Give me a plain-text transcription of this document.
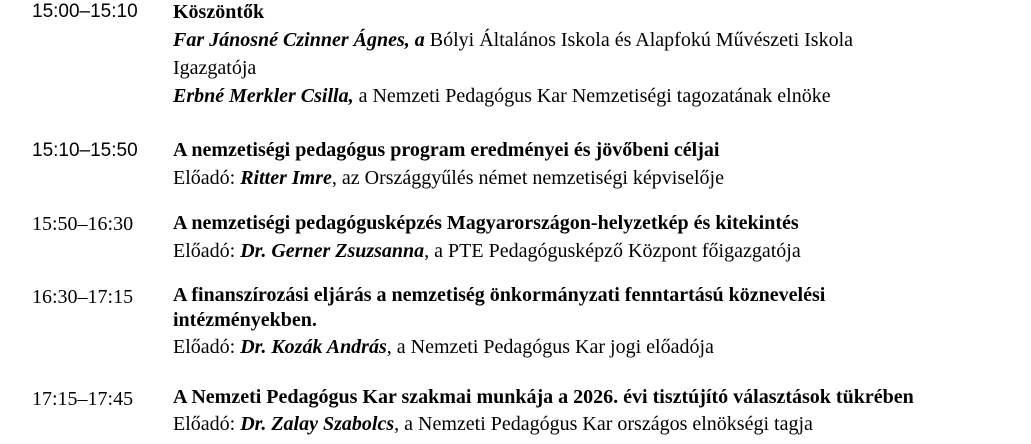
15:00–15:10 Köszöntők
Far Jánosné Czinner Ágnes, a Bólyi Általános Iskola és Alapfokú Művészeti Iskola Igazgatója
Erbné Merkler Csilla, a Nemzeti Pedagógus Kar Nemzetiségi tagozatának elnöke
15:10–15:50 A nemzetiségi pedagógus program eredményei és jövőbeni céljai
Előadó: Ritter Imre, az Országgyűlés német nemzetiségi képviselője
15:50–16:30 A nemzetiségi pedagógusképzés Magyarországon-helyzetkép és kitekintés
Előadó: Dr. Gerner Zsuzsanna, a PTE Pedagógusképző Központ főigazgatója
16:30–17:15 A finanszírozási eljárás a nemzetiség önkormányzati fenntartású köznevelési intézményekben.
Előadó: Dr. Kozák András, a Nemzeti Pedagógus Kar jogi előadója
17:15–17:45 A Nemzeti Pedagógus Kar szakmai munkája a 2026. évi tisztújító választások tükrében
Előadó: Dr. Zalay Szabolcs, a Nemzeti Pedagógus Kar országos elnökségi tagja
